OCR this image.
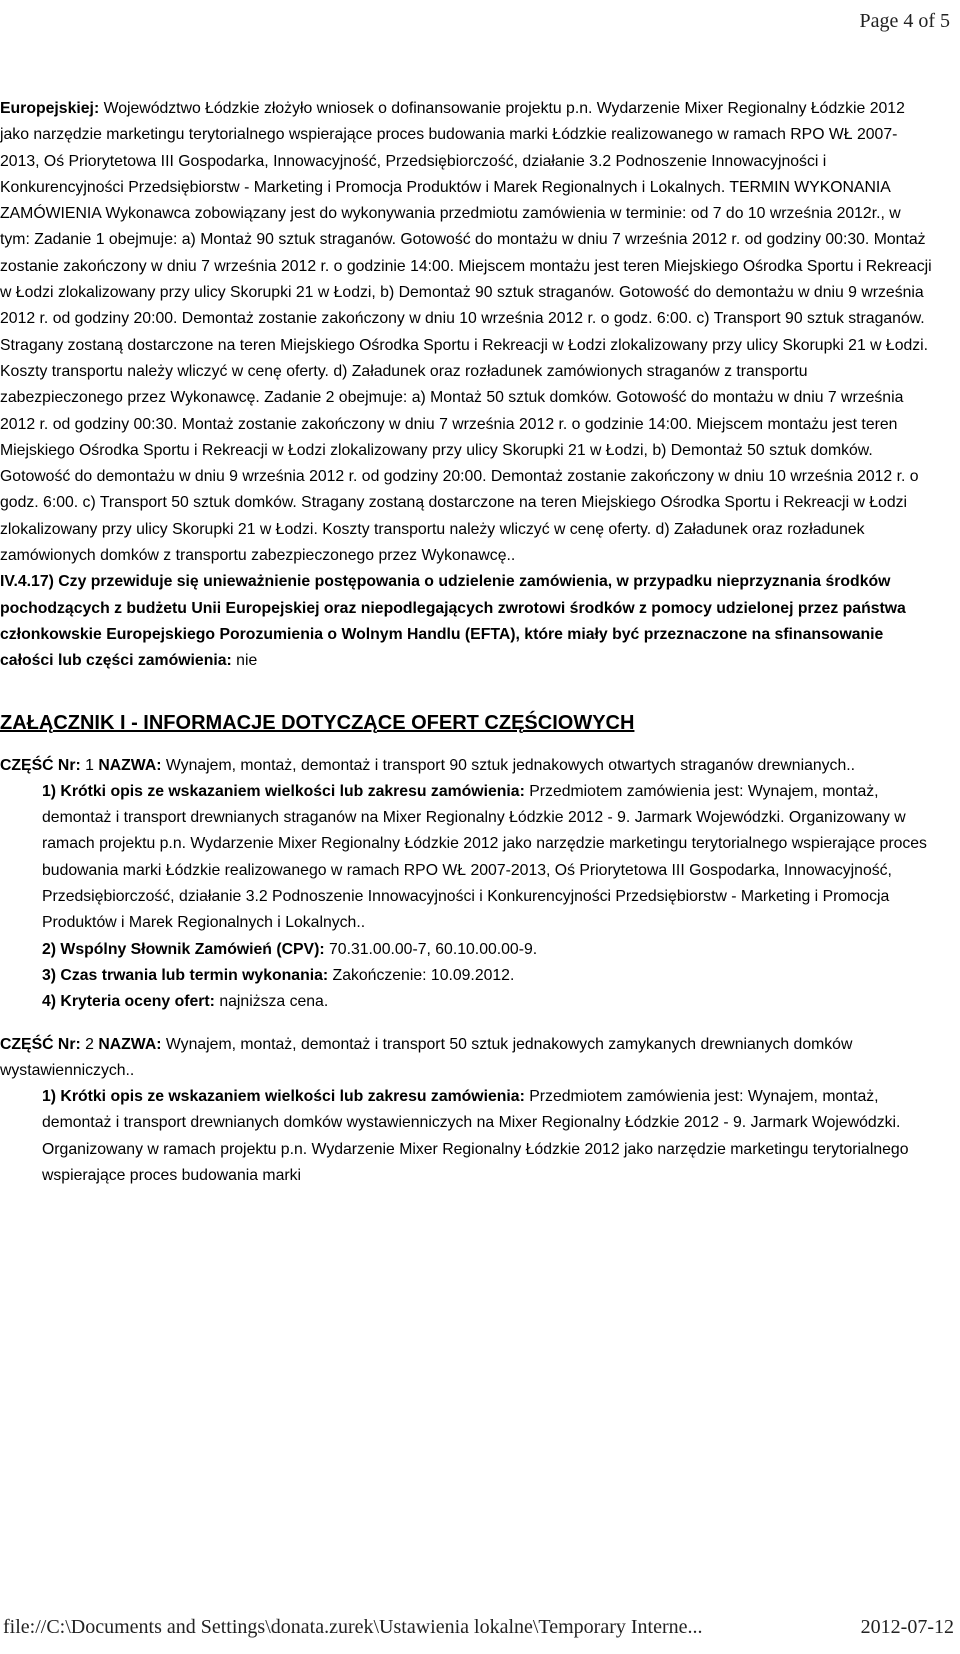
Page 4 of 5

Europejskiej: Województwo Łódzkie złożyło wniosek o dofinansowanie projektu p.n. Wydarzenie Mixer Regionalny Łódzkie 2012 jako narzędzie marketingu terytorialnego wspierające proces budowania marki Łódzkie realizowanego w ramach RPO WŁ 2007-2013, Oś Priorytetowa III Gospodarka, Innowacyjność, Przedsiębiorczość, działanie 3.2 Podnoszenie Innowacyjności i Konkurencyjności Przedsiębiorstw - Marketing i Promocja Produktów i Marek Regionalnych i Lokalnych. TERMIN WYKONANIA ZAMÓWIENIA Wykonawca zobowiązany jest do wykonywania przedmiotu zamówienia w terminie: od 7 do 10 września 2012r., w tym: Zadanie 1 obejmuje: a) Montaż 90 sztuk straganów. Gotowość do montażu w dniu 7 września 2012 r. od godziny 00:30. Montaż zostanie zakończony w dniu 7 września 2012 r. o godzinie 14:00. Miejscem montażu jest teren Miejskiego Ośrodka Sportu i Rekreacji w Łodzi zlokalizowany przy ulicy Skorupki 21 w Łodzi, b) Demontaż 90 sztuk straganów. Gotowość do demontażu w dniu 9 września 2012 r. od godziny 20:00. Demontaż zostanie zakończony w dniu 10 września 2012 r. o godz. 6:00. c) Transport 90 sztuk straganów. Stragany zostaną dostarczone na teren Miejskiego Ośrodka Sportu i Rekreacji w Łodzi zlokalizowany przy ulicy Skorupki 21 w Łodzi. Koszty transportu należy wliczyć w cenę oferty. d) Załadunek oraz rozładunek zamówionych straganów z transportu zabezpieczonego przez Wykonawcę. Zadanie 2 obejmuje: a) Montaż 50 sztuk domków. Gotowość do montażu w dniu 7 września 2012 r. od godziny 00:30. Montaż zostanie zakończony w dniu 7 września 2012 r. o godzinie 14:00. Miejscem montażu jest teren Miejskiego Ośrodka Sportu i Rekreacji w Łodzi zlokalizowany przy ulicy Skorupki 21 w Łodzi, b) Demontaż 50 sztuk domków. Gotowość do demontażu w dniu 9 września 2012 r. od godziny 20:00. Demontaż zostanie zakończony w dniu 10 września 2012 r. o godz. 6:00. c) Transport 50 sztuk domków. Stragany zostaną dostarczone na teren Miejskiego Ośrodka Sportu i Rekreacji w Łodzi zlokalizowany przy ulicy Skorupki 21 w Łodzi. Koszty transportu należy wliczyć w cenę oferty. d) Załadunek oraz rozładunek zamówionych domków z transportu zabezpieczonego przez Wykonawcę..

IV.4.17) Czy przewiduje się unieważnienie postępowania o udzielenie zamówienia, w przypadku nieprzyznania środków pochodzących z budżetu Unii Europejskiej oraz niepodlegających zwrotowi środków z pomocy udzielonej przez państwa członkowskie Europejskiego Porozumienia o Wolnym Handlu (EFTA), które miały być przeznaczone na sfinansowanie całości lub części zamówienia: nie

ZAŁĄCZNIK I - INFORMACJE DOTYCZĄCE OFERT CZĘŚCIOWYCH

CZĘŚĆ Nr: 1 NAZWA: Wynajem, montaż, demontaż i transport 90 sztuk jednakowych otwartych straganów drewnianych..

1) Krótki opis ze wskazaniem wielkości lub zakresu zamówienia: Przedmiotem zamówienia jest: Wynajem, montaż, demontaż i transport drewnianych straganów na Mixer Regionalny Łódzkie 2012 - 9. Jarmark Wojewódzki. Organizowany w ramach projektu p.n. Wydarzenie Mixer Regionalny Łódzkie 2012 jako narzędzie marketingu terytorialnego wspierające proces budowania marki Łódzkie realizowanego w ramach RPO WŁ 2007-2013, Oś Priorytetowa III Gospodarka, Innowacyjność, Przedsiębiorczość, działanie 3.2 Podnoszenie Innowacyjności i Konkurencyjności Przedsiębiorstw - Marketing i Promocja Produktów i Marek Regionalnych i Lokalnych..

2) Wspólny Słownik Zamówień (CPV): 70.31.00.00-7, 60.10.00.00-9.

3) Czas trwania lub termin wykonania: Zakończenie: 10.09.2012.

4) Kryteria oceny ofert: najniższa cena.

CZĘŚĆ Nr: 2 NAZWA: Wynajem, montaż, demontaż i transport 50 sztuk jednakowych zamykanych drewnianych domków wystawienniczych..

1) Krótki opis ze wskazaniem wielkości lub zakresu zamówienia: Przedmiotem zamówienia jest: Wynajem, montaż, demontaż i transport drewnianych domków wystawienniczych na Mixer Regionalny Łódzkie 2012 - 9. Jarmark Wojewódzki. Organizowany w ramach projektu p.n. Wydarzenie Mixer Regionalny Łódzkie 2012 jako narzędzie marketingu terytorialnego wspierające proces budowania marki

file://C:\Documents and Settings\donata.zurek\Ustawienia lokalne\Temporary Interne...	2012-07-12
